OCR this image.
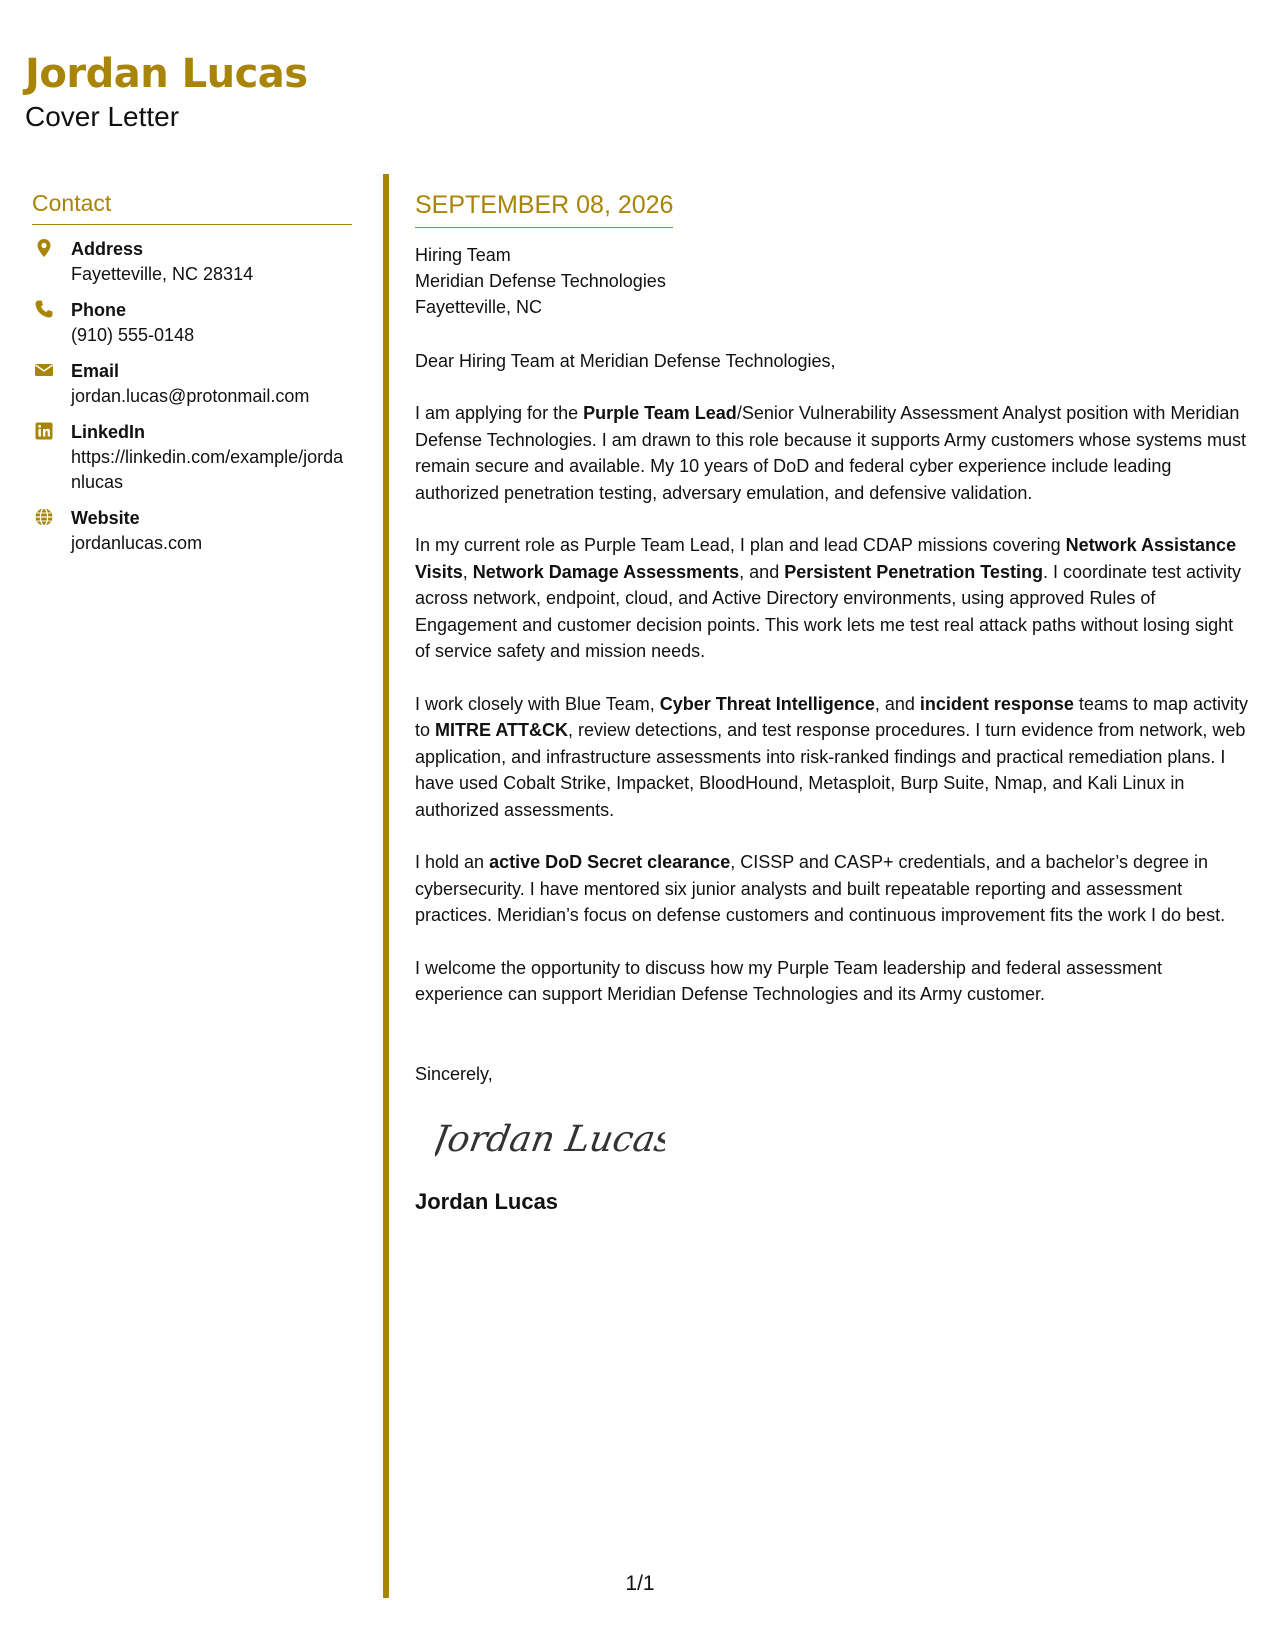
Jordan Lucas
Cover Letter
Contact
Address
Fayetteville, NC 28314
Phone
(910) 555-0148
Email
jordan.lucas@protonmail.com
LinkedIn
https://linkedin.com/example/jordanlucas
Website
jordanlucas.com
SEPTEMBER 08, 2026
Hiring Team
Meridian Defense Technologies
Fayetteville, NC
Dear Hiring Team at Meridian Defense Technologies,
I am applying for the Purple Team Lead/Senior Vulnerability Assessment Analyst position with Meridian Defense Technologies. I am drawn to this role because it supports Army customers whose systems must remain secure and available. My 10 years of DoD and federal cyber experience include leading authorized penetration testing, adversary emulation, and defensive validation.
In my current role as Purple Team Lead, I plan and lead CDAP missions covering Network Assistance Visits, Network Damage Assessments, and Persistent Penetration Testing. I coordinate test activity across network, endpoint, cloud, and Active Directory environments, using approved Rules of Engagement and customer decision points. This work lets me test real attack paths without losing sight of service safety and mission needs.
I work closely with Blue Team, Cyber Threat Intelligence, and incident response teams to map activity to MITRE ATT&CK, review detections, and test response procedures. I turn evidence from network, web application, and infrastructure assessments into risk-ranked findings and practical remediation plans. I have used Cobalt Strike, Impacket, BloodHound, Metasploit, Burp Suite, Nmap, and Kali Linux in authorized assessments.
I hold an active DoD Secret clearance, CISSP and CASP+ credentials, and a bachelor’s degree in cybersecurity. I have mentored six junior analysts and built repeatable reporting and assessment practices. Meridian’s focus on defense customers and continuous improvement fits the work I do best.
I welcome the opportunity to discuss how my Purple Team leadership and federal assessment experience can support Meridian Defense Technologies and its Army customer.
Sincerely,
Jordan Lucas
Jordan Lucas
1/1
